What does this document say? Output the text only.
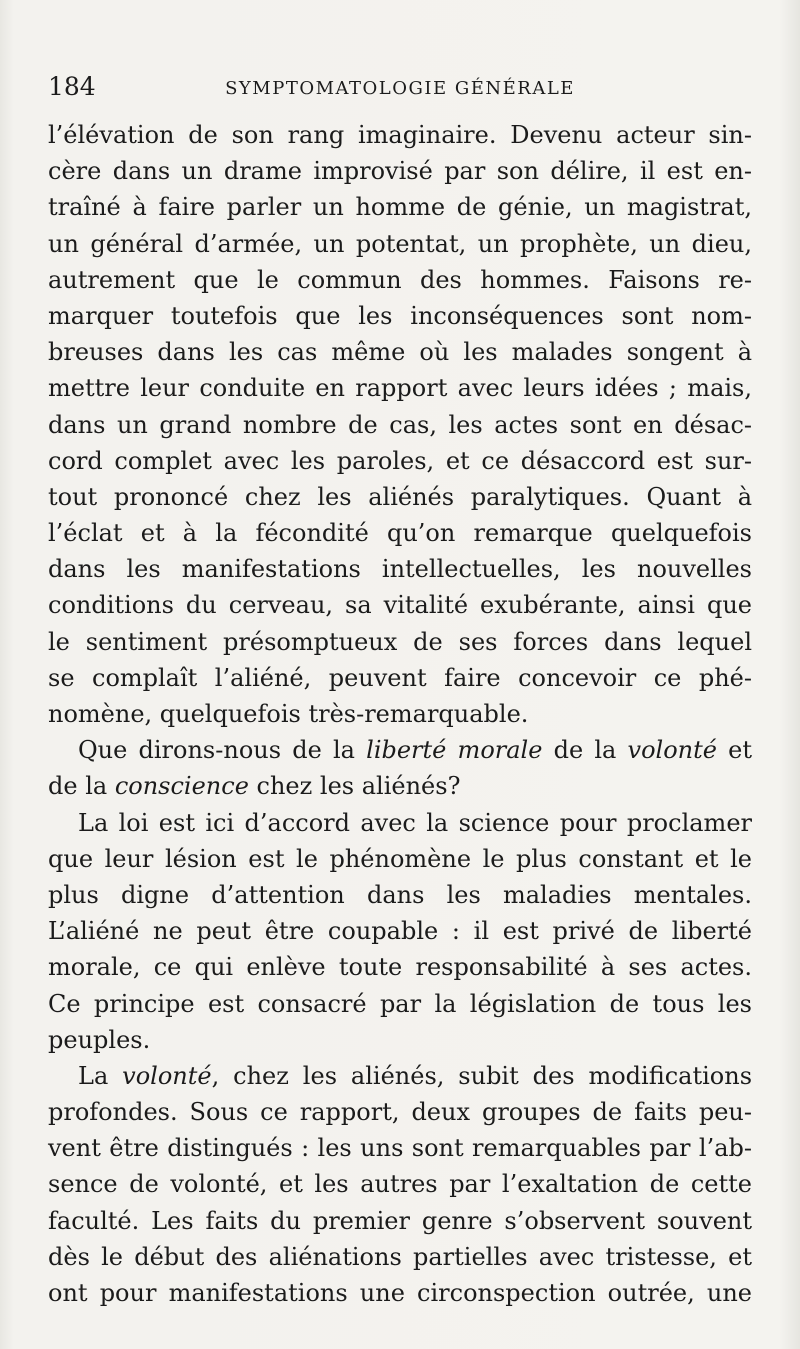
184	SYMPTOMATOLOGIE GÉNÉRALE
l’élévation de son rang imaginaire. Devenu acteur sin-
cère dans un drame improvisé par son délire, il est en-
traîné à faire parler un homme de génie, un magistrat,
un général d’armée, un potentat, un prophète, un dieu,
autrement que le commun des hommes. Faisons re-
marquer toutefois que les inconséquences sont nom-
breuses dans les cas même où les malades songent à
mettre leur conduite en rapport avec leurs idées ; mais,
dans un grand nombre de cas, les actes sont en désac-
cord complet avec les paroles, et ce désaccord est sur-
tout prononcé chez les aliénés paralytiques. Quant à
l’éclat et à la fécondité qu’on remarque quelquefois
dans les manifestations intellectuelles, les nouvelles
conditions du cerveau, sa vitalité exubérante, ainsi que
le sentiment présomptueux de ses forces dans lequel
se complaît l’aliéné, peuvent faire concevoir ce phé-
nomène, quelquefois très-remarquable.
Que dirons-nous de la liberté morale de la volonté et
de la conscience chez les aliénés?
La loi est ici d’accord avec la science pour proclamer
que leur lésion est le phénomène le plus constant et le
plus digne d’attention dans les maladies mentales.
L’aliéné ne peut être coupable : il est privé de liberté
morale, ce qui enlève toute responsabilité à ses actes.
Ce principe est consacré par la législation de tous les
peuples.
La volonté, chez les aliénés, subit des modifications
profondes. Sous ce rapport, deux groupes de faits peu-
vent être distingués : les uns sont remarquables par l’ab-
sence de volonté, et les autres par l’exaltation de cette
faculté. Les faits du premier genre s’observent souvent
dès le début des aliénations partielles avec tristesse, et
ont pour manifestations une circonspection outrée, une
